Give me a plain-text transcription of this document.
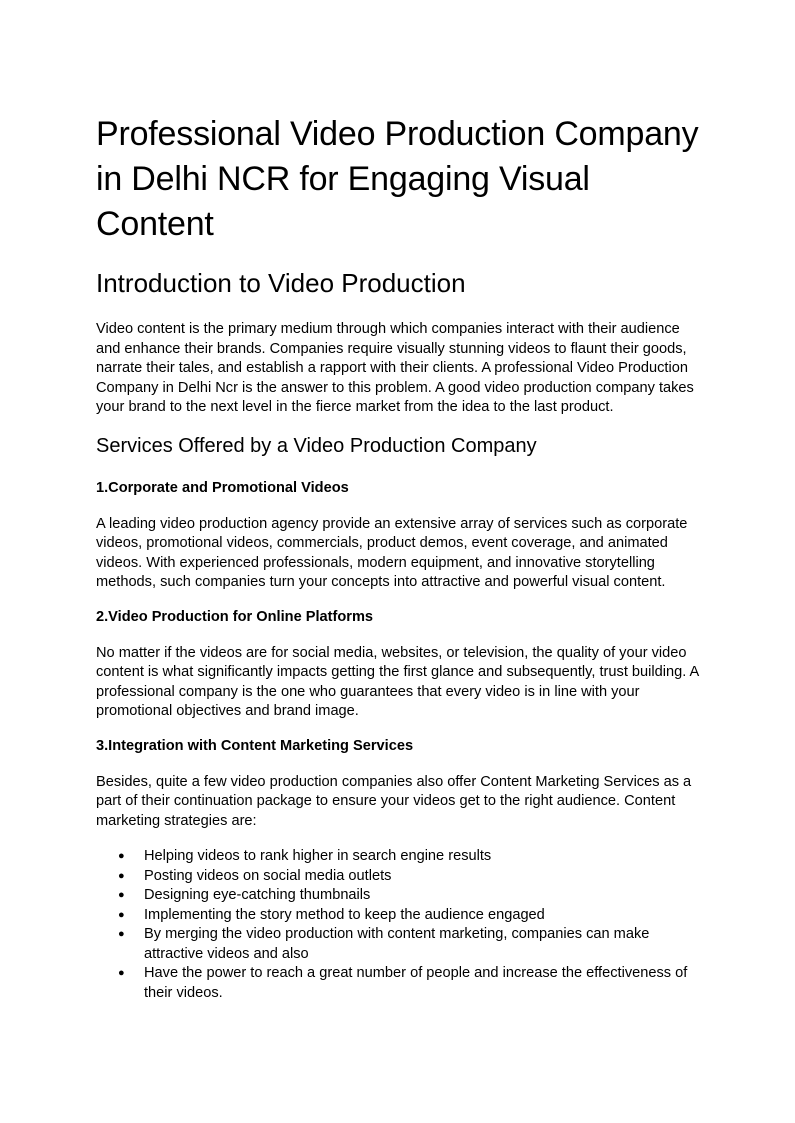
Professional Video Production Company in Delhi NCR for Engaging Visual Content
Introduction to Video Production

Video content is the primary medium through which companies interact with their audience and enhance their brands. Companies require visually stunning videos to flaunt their goods, narrate their tales, and establish a rapport with their clients. A professional Video Production Company in Delhi Ncr is the answer to this problem. A good video production company takes your brand to the next level in the fierce market from the idea to the last product.

Services Offered by a Video Production Company

1.Corporate and Promotional Videos

A leading video production agency provide an extensive array of services such as corporate videos, promotional videos, commercials, product demos, event coverage, and animated videos. With experienced professionals, modern equipment, and innovative storytelling methods, such companies turn your concepts into attractive and powerful visual content.

2.Video Production for Online Platforms

No matter if the videos are for social media, websites, or television, the quality of your video content is what significantly impacts getting the first glance and subsequently, trust building. A professional company is the one who guarantees that every video is in line with your promotional objectives and brand image.

3.Integration with Content Marketing Services

Besides, quite a few video production companies also offer Content Marketing Services as a part of their continuation package to ensure your videos get to the right audience. Content marketing strategies are:

● Helping videos to rank higher in search engine results
● Posting videos on social media outlets
● Designing eye-catching thumbnails
● Implementing the story method to keep the audience engaged
● By merging the video production with content marketing, companies can make attractive videos and also
● Have the power to reach a great number of people and increase the effectiveness of their videos.
